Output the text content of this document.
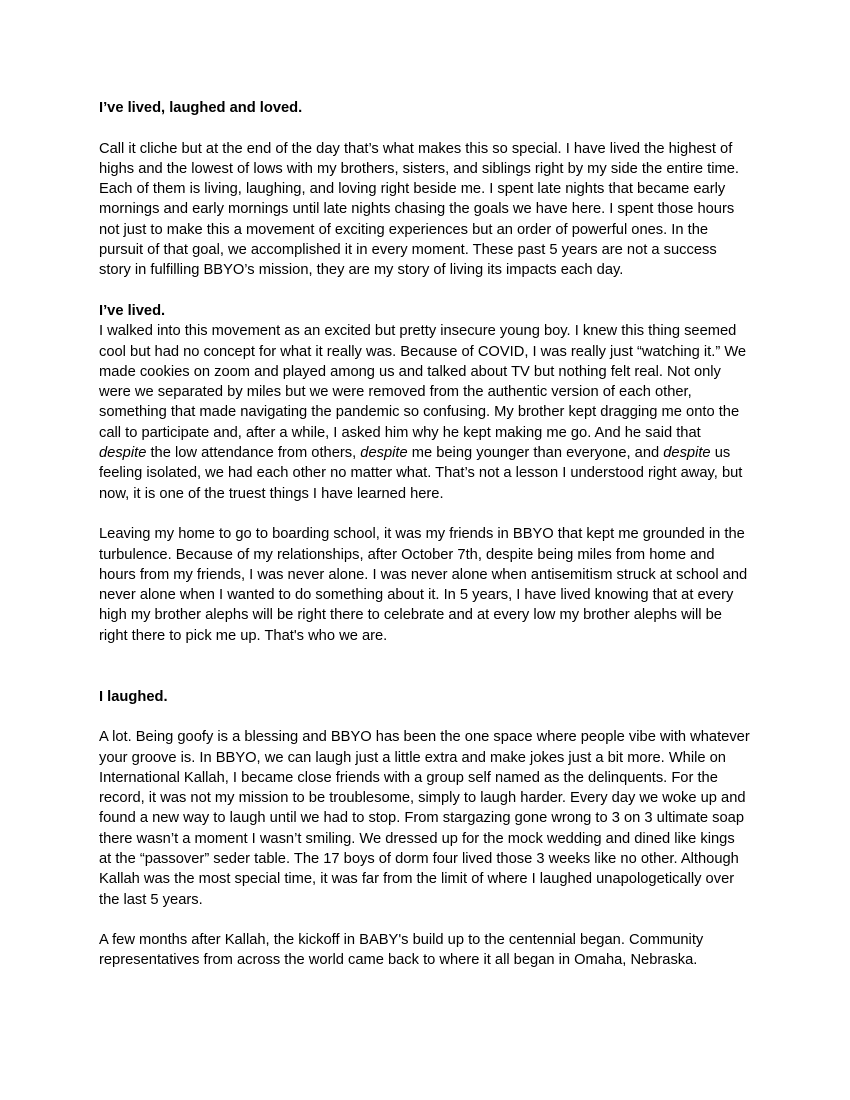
I’ve lived, laughed and loved.
Call it cliche but at the end of the day that’s what makes this so special. I have lived the highest of highs and the lowest of lows with my brothers, sisters, and siblings right by my side the entire time. Each of them is living, laughing, and loving right beside me. I spent late nights that became early mornings and early mornings until late nights chasing the goals we have here. I spent those hours not just to make this a movement of exciting experiences but an order of powerful ones. In the pursuit of that goal, we accomplished it in every moment. These past 5 years are not a success story in fulfilling BBYO’s mission, they are my story of living its impacts each day.
I’ve lived.
I walked into this movement as an excited but pretty insecure young boy. I knew this thing seemed cool but had no concept for what it really was. Because of COVID, I was really just “watching it.” We made cookies on zoom and played among us and talked about TV but nothing felt real. Not only were we separated by miles but we were removed from the authentic version of each other, something that made navigating the pandemic so confusing. My brother kept dragging me onto the call to participate and, after a while, I asked him why he kept making me go. And he said that despite the low attendance from others, despite me being younger than everyone, and despite us feeling isolated, we had each other no matter what. That’s not a lesson I understood right away, but now, it is one of the truest things I have learned here.
Leaving my home to go to boarding school, it was my friends in BBYO that kept me grounded in the turbulence. Because of my relationships, after October 7th, despite being miles from home and hours from my friends, I was never alone. I was never alone when antisemitism struck at school and never alone when I wanted to do something about it. In 5 years, I have lived knowing that at every high my brother alephs will be right there to celebrate and at every low my brother alephs will be right there to pick me up. That's who we are.
I laughed.
A lot. Being goofy is a blessing and BBYO has been the one space where people vibe with whatever your groove is. In BBYO, we can laugh just a little extra and make jokes just a bit more. While on International Kallah, I became close friends with a group self named as the delinquents. For the record, it was not my mission to be troublesome, simply to laugh harder. Every day we woke up and found a new way to laugh until we had to stop. From stargazing gone wrong to 3 on 3 ultimate soap there wasn’t a moment I wasn’t smiling. We dressed up for the mock wedding and dined like kings at the “passover” seder table. The 17 boys of dorm four lived those 3 weeks like no other. Although Kallah was the most special time, it was far from the limit of where I laughed unapologetically over the last 5 years.
A few months after Kallah, the kickoff in BABY's build up to the centennial began. Community representatives from across the world came back to where it all began in Omaha, Nebraska.
